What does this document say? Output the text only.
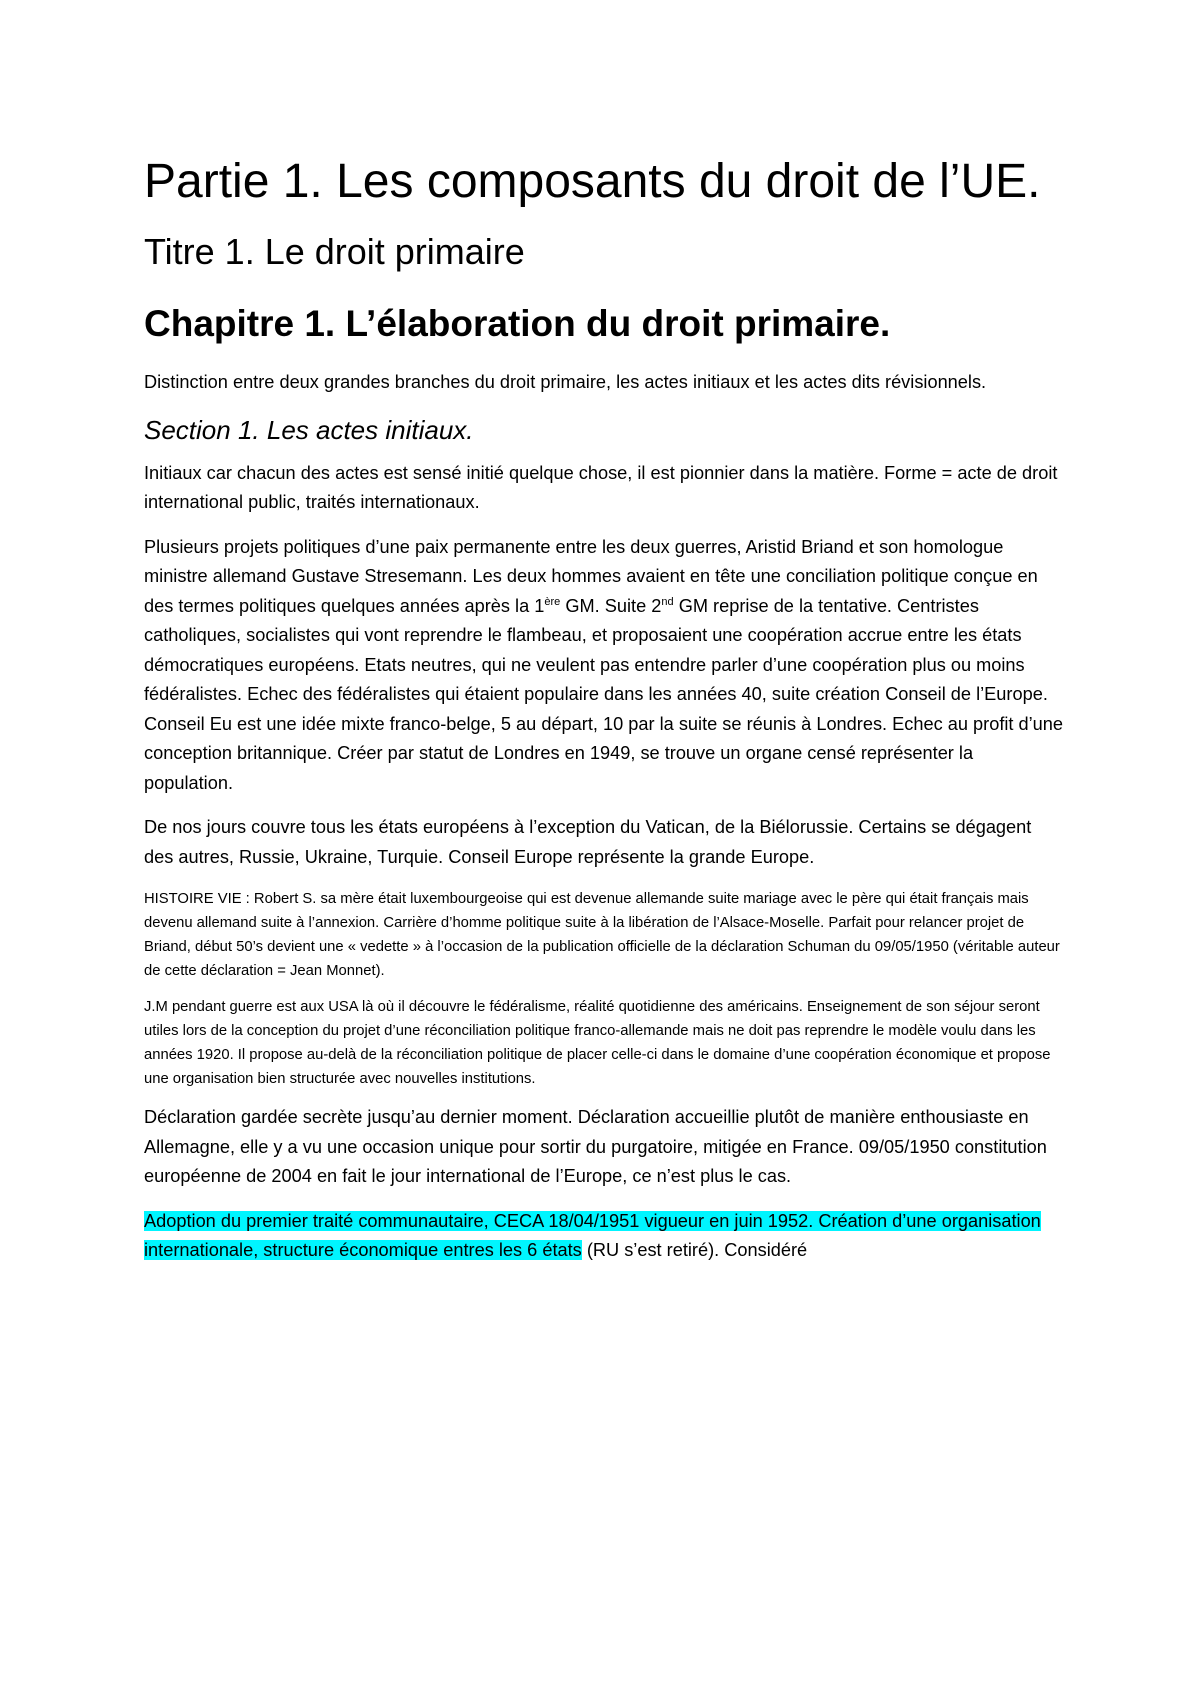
Partie 1. Les composants du droit de l’UE.
Titre 1. Le droit primaire
Chapitre 1. L’élaboration du droit primaire.

Distinction entre deux grandes branches du droit primaire, les actes initiaux et les actes dits révisionnels.

Section 1. Les actes initiaux.

Initiaux car chacun des actes est sensé initié quelque chose, il est pionnier dans la matière. Forme = acte de droit international public, traités internationaux.

Plusieurs projets politiques d’une paix permanente entre les deux guerres, Aristid Briand et son homologue ministre allemand Gustave Stresemann. Les deux hommes avaient en tête une conciliation politique conçue en des termes politiques quelques années après la 1ère GM. Suite 2nd GM reprise de la tentative. Centristes catholiques, socialistes qui vont reprendre le flambeau, et proposaient une coopération accrue entre les états démocratiques européens. Etats neutres, qui ne veulent pas entendre parler d’une coopération plus ou moins fédéralistes. Echec des fédéralistes qui étaient populaire dans les années 40, suite création Conseil de l’Europe. Conseil Eu est une idée mixte franco-belge, 5 au départ, 10 par la suite se réunis à Londres. Echec au profit d’une conception britannique. Créer par statut de Londres en 1949, se trouve un organe censé représenter la population.

De nos jours couvre tous les états européens à l’exception du Vatican, de la Biélorussie. Certains se dégagent des autres, Russie, Ukraine, Turquie. Conseil Europe représente la grande Europe.

HISTOIRE VIE : Robert S. sa mère était luxembourgeoise qui est devenue allemande suite mariage avec le père qui était français mais devenu allemand suite à l’annexion. Carrière d’homme politique suite à la libération de l’Alsace-Moselle. Parfait pour relancer projet de Briand, début 50’s devient une « vedette » à l’occasion de la publication officielle de la déclaration Schuman du 09/05/1950 (véritable auteur de cette déclaration = Jean Monnet).

J.M pendant guerre est aux USA là où il découvre le fédéralisme, réalité quotidienne des américains. Enseignement de son séjour seront utiles lors de la conception du projet d’une réconciliation politique franco-allemande mais ne doit pas reprendre le modèle voulu dans les années 1920. Il propose au-delà de la réconciliation politique de placer celle-ci dans le domaine d’une coopération économique et propose une organisation bien structurée avec nouvelles institutions.

Déclaration gardée secrète jusqu’au dernier moment. Déclaration accueillie plutôt de manière enthousiaste en Allemagne, elle y a vu une occasion unique pour sortir du purgatoire, mitigée en France. 09/05/1950 constitution européenne de 2004 en fait le jour international de l’Europe, ce n’est plus le cas.

Adoption du premier traité communautaire, CECA 18/04/1951 vigueur en juin 1952. Création d’une organisation internationale, structure économique entres les 6 états (RU s’est retiré). Considéré
